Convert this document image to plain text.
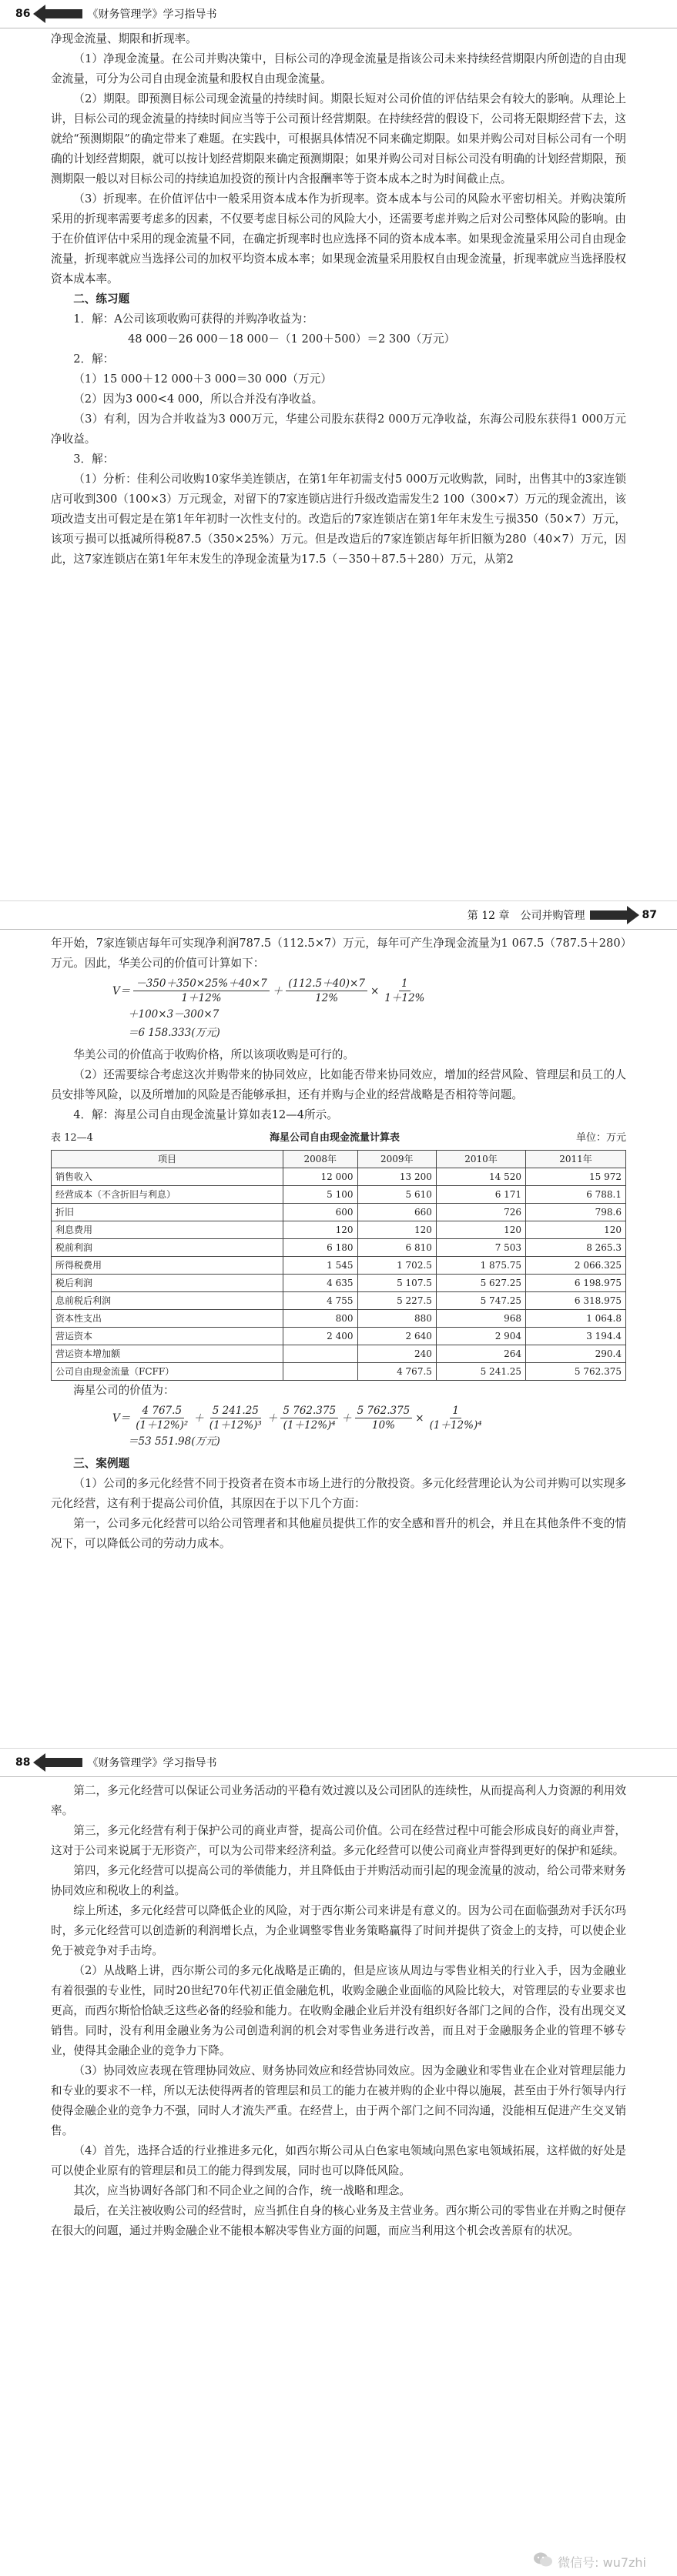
86	《财务管理学》学习指导书

净现金流量、期限和折现率。

（1）净现金流量。在公司并购决策中，目标公司的净现金流量是指该公司未来持续经营期限内所创造的自由现金流量，可分为公司自由现金流量和股权自由现金流量。

（2）期限。即预测目标公司现金流量的持续时间。期限长短对公司价值的评估结果会有较大的影响。从理论上讲，目标公司的现金流量的持续时间应当等于公司预计经营期限。在持续经营的假设下，公司将无限期经营下去，这就给“预测期限”的确定带来了难题。在实践中，可根据具体情况不同来确定期限。如果并购公司对目标公司有一个明确的计划经营期限，就可以按计划经营期限来确定预测期限；如果并购公司对目标公司没有明确的计划经营期限，预测期限一般以对目标公司的持续追加投资的预计内含报酬率等于资本成本之时为时间截止点。

（3）折现率。在价值评估中一般采用资本成本作为折现率。资本成本与公司的风险水平密切相关。并购决策所采用的折现率需要考虑多的因素，不仅要考虑目标公司的风险大小，还需要考虑并购之后对公司整体风险的影响。由于在价值评估中采用的现金流量不同，在确定折现率时也应选择不同的资本成本率。如果现金流量采用公司自由现金流量，折现率就应当选择公司的加权平均资本成本率；如果现金流量采用股权自由现金流量，折现率就应当选择股权资本成本率。

二、练习题

1．解：A公司该项收购可获得的并购净收益为：

48 000－26 000－18 000－（1 200＋500）＝2 300（万元）

2．解：

（1）15 000＋12 000＋3 000＝30 000（万元）

（2）因为3 000<4 000，所以合并没有净收益。

（3）有利，因为合并收益为3 000万元，华建公司股东获得2 000万元净收益，东海公司股东获得1 000万元净收益。

3．解：

（1）分析：佳利公司收购10家华美连锁店，在第1年年初需支付5 000万元收购款，同时，出售其中的3家连锁店可收到300（100×3）万元现金，对留下的7家连锁店进行升级改造需发生2 100（300×7）万元的现金流出，该项改造支出可假定是在第1年年初时一次性支付的。改造后的7家连锁店在第1年年末发生亏损350（50×7）万元，该项亏损可以抵减所得税87.5（350×25%）万元。但是改造后的7家连锁店每年折旧额为280（40×7）万元，因此，这7家连锁店在第1年年末发生的净现金流量为17.5（－350＋87.5＋280）万元，从第2

第 12 章　公司并购管理	87

年开始，7家连锁店每年可实现净利润787.5（112.5×7）万元，每年可产生净现金流量为1 067.5（787.5＋280）万元。因此，华美公司的价值可计算如下：

$V= \frac{-350+350\times 25\%+40\times 7}{1+12\%} + \frac{(112.5+40)\times 7}{12\%} \times \frac{1}{1+12\%}$
＋100×3－300×7
＝6 158.333(万元)

华美公司的价值高于收购价格，所以该项收购是可行的。

（2）还需要综合考虑这次并购带来的协同效应，比如能否带来协同效应，增加的经营风险、管理层和员工的人员安排等风险，以及所增加的风险是否能够承担，还有并购与企业的经营战略是否相符等问题。

4．解：海星公司自由现金流量计算如表12—4所示。

表 12—4	海星公司自由现金流量计算表	单位：万元
项目	2008年	2009年	2010年	2011年
销售收入	12 000	13 200	14 520	15 972
经营成本（不含折旧与利息）	5 100	5 610	6 171	6 788.1
折旧	600	660	726	798.6
利息费用	120	120	120	120
税前利润	6 180	6 810	7 503	8 265.3
所得税费用	1 545	1 702.5	1 875.75	2 066.325
税后利润	4 635	5 107.5	5 627.25	6 198.975
息前税后利润	4 755	5 227.5	5 747.25	6 318.975
资本性支出	800	880	968	1 064.8
营运资本	2 400	2 640	2 904	3 194.4
营运资本增加额		240	264	290.4
公司自由现金流量（FCFF）		4 767.5	5 241.25	5 762.375

海星公司的价值为：

$V= \frac{4 767.5}{\text{(1＋12\%)²}} + \frac{5 241.25}{\text{(1＋12\%)³}} + \frac{5 762.375}{\text{(1＋12\%)⁴}} + \frac{5 762.375}{10\%} \times \frac{1}{\text{(1＋12\%)⁴}}$
＝53 551.98(万元)
三、案例题

（1）公司的多元化经营不同于投资者在资本市场上进行的分散投资。多元化经营理论认为公司并购可以实现多元化经营，这有利于提高公司价值，其原因在于以下几个方面：

第一，公司多元化经营可以给公司管理者和其他雇员提供工作的安全感和晋升的机会，并且在其他条件不变的情况下，可以降低公司的劳动力成本。

88	《财务管理学》学习指导书

第二，多元化经营可以保证公司业务活动的平稳有效过渡以及公司团队的连续性，从而提高利人力资源的利用效率。

第三，多元化经营有利于保护公司的商业声誉，提高公司价值。公司在经营过程中可能会形成良好的商业声誉，这对于公司来说属于无形资产，可以为公司带来经济利益。多元化经营可以使公司商业声誉得到更好的保护和延续。

第四，多元化经营可以提高公司的举债能力，并且降低由于并购活动而引起的现金流量的波动，给公司带来财务协同效应和税收上的利益。

综上所述，多元化经营可以降低企业的风险，对于西尔斯公司来讲是有意义的。因为公司在面临强劲对手沃尔玛时，多元化经营可以创造新的利润增长点，为企业调整零售业务策略赢得了时间并提供了资金上的支持，可以使企业免于被竞争对手击垮。

（2）从战略上讲，西尔斯公司的多元化战略是正确的，但是应该从周边与零售业相关的行业入手，因为金融业有着很强的专业性，同时20世纪70年代初正值金融危机，收购金融企业面临的风险比较大，对管理层的专业要求也更高，而西尔斯恰恰缺乏这些必备的经验和能力。在收购金融企业后并没有组织好各部门之间的合作，没有出现交叉销售。同时，没有利用金融业务为公司创造利润的机会对零售业务进行改善，而且对于金融服务企业的管理不够专业，使得其金融企业的竞争力下降。

（3）协同效应表现在管理协同效应、财务协同效应和经营协同效应。因为金融业和零售业在企业对管理层能力和专业的要求不一样，所以无法使得两者的管理层和员工的能力在被并购的企业中得以施展，甚至由于外行领导内行使得金融企业的竞争力不强，同时人才流失严重。在经营上，由于两个部门之间不同沟通，没能相互促进产生交叉销售。

（4）首先，选择合适的行业推进多元化，如西尔斯公司从白色家电领域向黑色家电领域拓展，这样做的好处是可以使企业原有的管理层和员工的能力得到发展，同时也可以降低风险。

其次，应当协调好各部门和不同企业之间的合作，统一战略和理念。

最后，在关注被收购公司的经营时，应当抓住自身的核心业务及主营业务。西尔斯公司的零售业在并购之时便存在很大的问题，通过并购金融企业不能根本解决零售业方面的问题，而应当利用这个机会改善原有的状况。

微信号: wu7zhi
